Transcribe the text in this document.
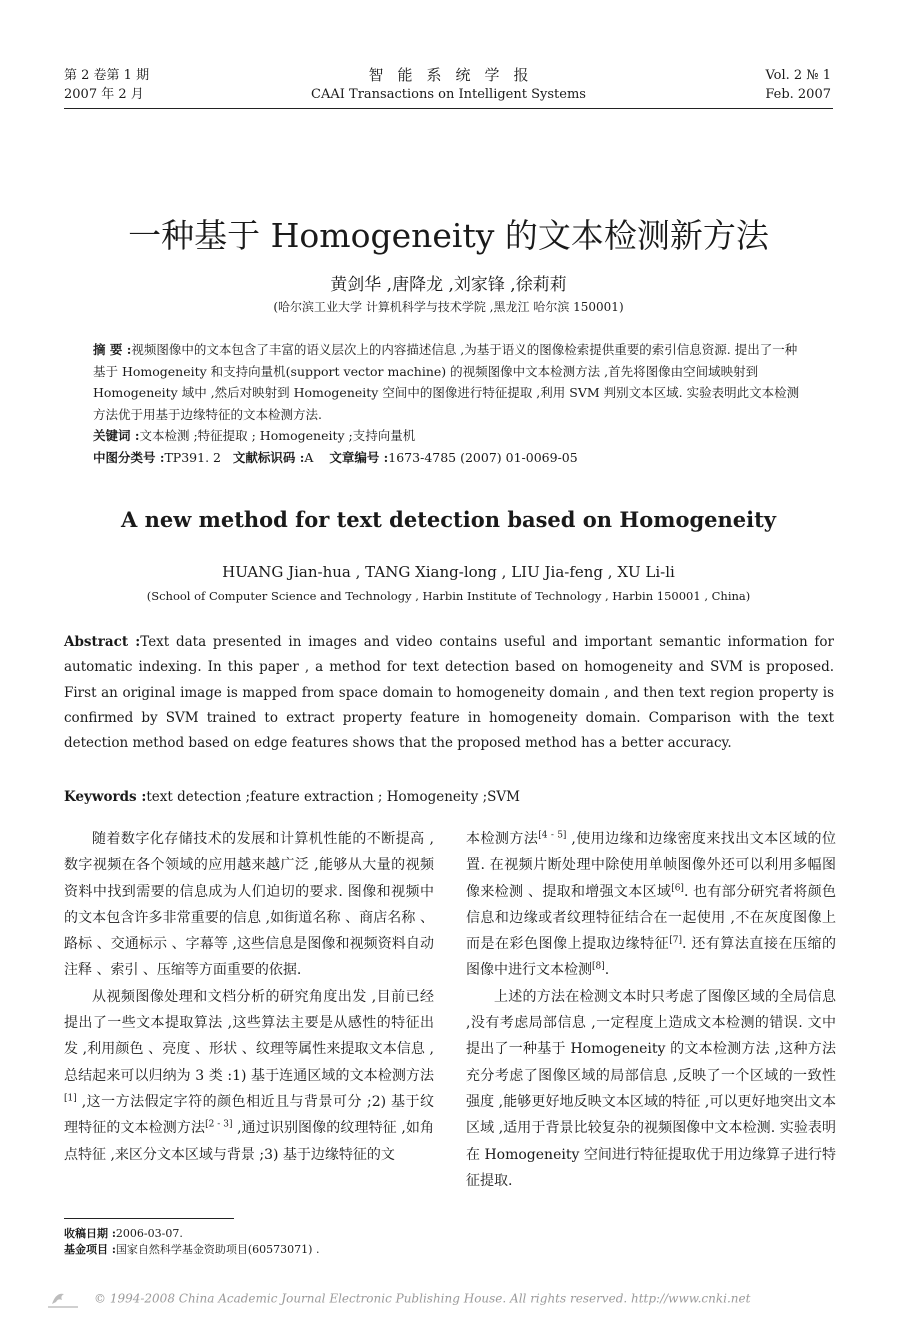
第 2 卷第 1 期
2007 年 2 月
智能系统学报
CAAI Transactions on Intelligent Systems
Vol. 2 № 1
Feb. 2007
一种基于 Homogeneity 的文本检测新方法
黄剑华 ,唐降龙 ,刘家锋 ,徐莉莉
(哈尔滨工业大学 计算机科学与技术学院 ,黑龙江 哈尔滨 150001)
摘 要 :视频图像中的文本包含了丰富的语义层次上的内容描述信息 ,为基于语义的图像检索提供重要的索引信息资源. 提出了一种基于 Homogeneity 和支持向量机(support vector machine) 的视频图像中文本检测方法 ,首先将图像由空间域映射到 Homogeneity 域中 ,然后对映射到 Homogeneity 空间中的图像进行特征提取 ,利用 SVM 判别文本区域. 实验表明此文本检测方法优于用基于边缘特征的文本检测方法.
关键词 :文本检测 ;特征提取 ; Homogeneity ;支持向量机
中图分类号 :TP391. 2 文献标识码 :A 文章编号 :1673-4785 (2007) 01-0069-05
A new method for text detection based on Homogeneity
HUANG Jian-hua , TANG Xiang-long , LIU Jia-feng , XU Li-li
(School of Computer Science and Technology , Harbin Institute of Technology , Harbin 150001 , China)
Abstract :Text data presented in images and video contains useful and important semantic information for automatic indexing. In this paper , a method for text detection based on homogeneity and SVM is proposed. First an original image is mapped from space domain to homogeneity domain , and then text region property is confirmed by SVM trained to extract property feature in homogeneity domain. Comparison with the text detection method based on edge features shows that the proposed method has a better accuracy.
Keywords :text detection ;feature extraction ; Homogeneity ;SVM

随着数字化存储技术的发展和计算机性能的不断提高 ,数字视频在各个领域的应用越来越广泛 ,能够从大量的视频资料中找到需要的信息成为人们迫切的要求. 图像和视频中的文本包含许多非常重要的信息 ,如街道名称 、商店名称 、路标 、交通标示 、字幕等 ,这些信息是图像和视频资料自动注释 、索引 、压缩等方面重要的依据.

从视频图像处理和文档分析的研究角度出发 ,目前已经提出了一些文本提取算法 ,这些算法主要是从感性的特征出发 ,利用颜色 、亮度 、形状 、纹理等属性来提取文本信息 ,总结起来可以归纳为 3 类 :1) 基于连通区域的文本检测方法[1] ,这一方法假定字符的颜色相近且与背景可分 ;2) 基于纹理特征的文本检测方法[2 - 3] ,通过识别图像的纹理特征 ,如角点特征 ,来区分文本区域与背景 ;3) 基于边缘特征的文

本检测方法[4 - 5] ,使用边缘和边缘密度来找出文本区域的位置. 在视频片断处理中除使用单帧图像外还可以利用多幅图像来检测 、提取和增强文本区域[6]. 也有部分研究者将颜色信息和边缘或者纹理特征结合在一起使用 ,不在灰度图像上而是在彩色图像上提取边缘特征[7]. 还有算法直接在压缩的图像中进行文本检测[8].

上述的方法在检测文本时只考虑了图像区域的全局信息 ,没有考虑局部信息 ,一定程度上造成文本检测的错误. 文中提出了一种基于 Homogeneity 的文本检测方法 ,这种方法充分考虑了图像区域的局部信息 ,反映了一个区域的一致性强度 ,能够更好地反映文本区域的特征 ,可以更好地突出文本区域 ,适用于背景比较复杂的视频图像中文本检测. 实验表明在 Homogeneity 空间进行特征提取优于用边缘算子进行特征提取.

收稿日期 :2006-03-07.
基金项目 :国家自然科学基金资助项目(60573071) .
© 1994-2008 China Academic Journal Electronic Publishing House. All rights reserved. http://www.cnki.net
